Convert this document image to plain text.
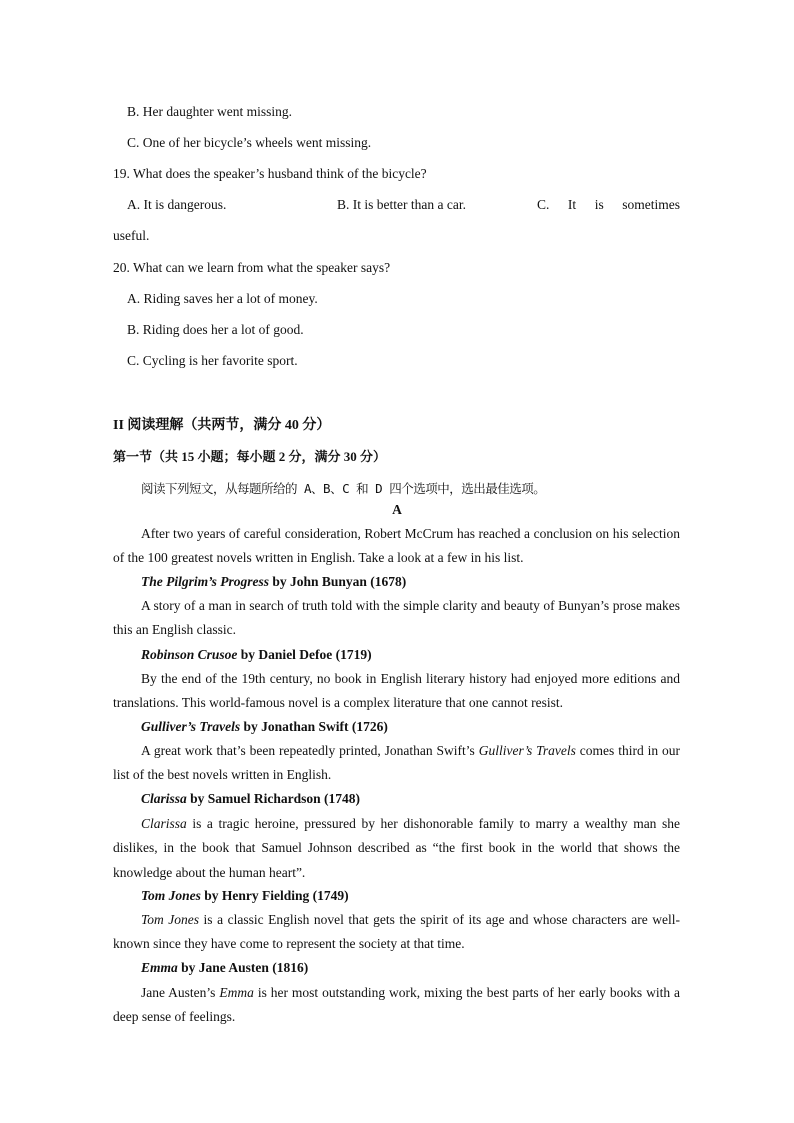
B. Her daughter went missing.
C. One of her bicycle’s wheels went missing.
19. What does the speaker’s husband think of the bicycle?
A. It is dangerous.	B. It is better than a car.	C. It is sometimes
useful.
20. What can we learn from what the speaker says?
A. Riding saves her a lot of money.
B. Riding does her a lot of good.
C. Cycling is her favorite sport.
II 阅读理解（共两节，满分 40 分）
第一节（共 15 小题；每小题 2 分，满分 30 分）
阅读下列短文，从每题所给的 A、B、C 和 D 四个选项中，选出最佳选项。
A
After two years of careful consideration, Robert McCrum has reached a conclusion on his selection of the 100 greatest novels written in English. Take a look at a few in his list.
The Pilgrim’s Progress by John Bunyan (1678)
A story of a man in search of truth told with the simple clarity and beauty of Bunyan’s prose makes this an English classic.
Robinson Crusoe by Daniel Defoe (1719)
By the end of the 19th century, no book in English literary history had enjoyed more editions and translations. This world-famous novel is a complex literature that one cannot resist.
Gulliver’s Travels by Jonathan Swift (1726)
A great work that’s been repeatedly printed, Jonathan Swift’s Gulliver’s Travels comes third in our list of the best novels written in English.
Clarissa by Samuel Richardson (1748)
Clarissa is a tragic heroine, pressured by her dishonorable family to marry a wealthy man she dislikes, in the book that Samuel Johnson described as “the first book in the world that shows the knowledge about the human heart”.
Tom Jones by Henry Fielding (1749)
Tom Jones is a classic English novel that gets the spirit of its age and whose characters are well-known since they have come to represent the society at that time.
Emma by Jane Austen (1816)
Jane Austen’s Emma is her most outstanding work, mixing the best parts of her early books with a deep sense of feelings.
